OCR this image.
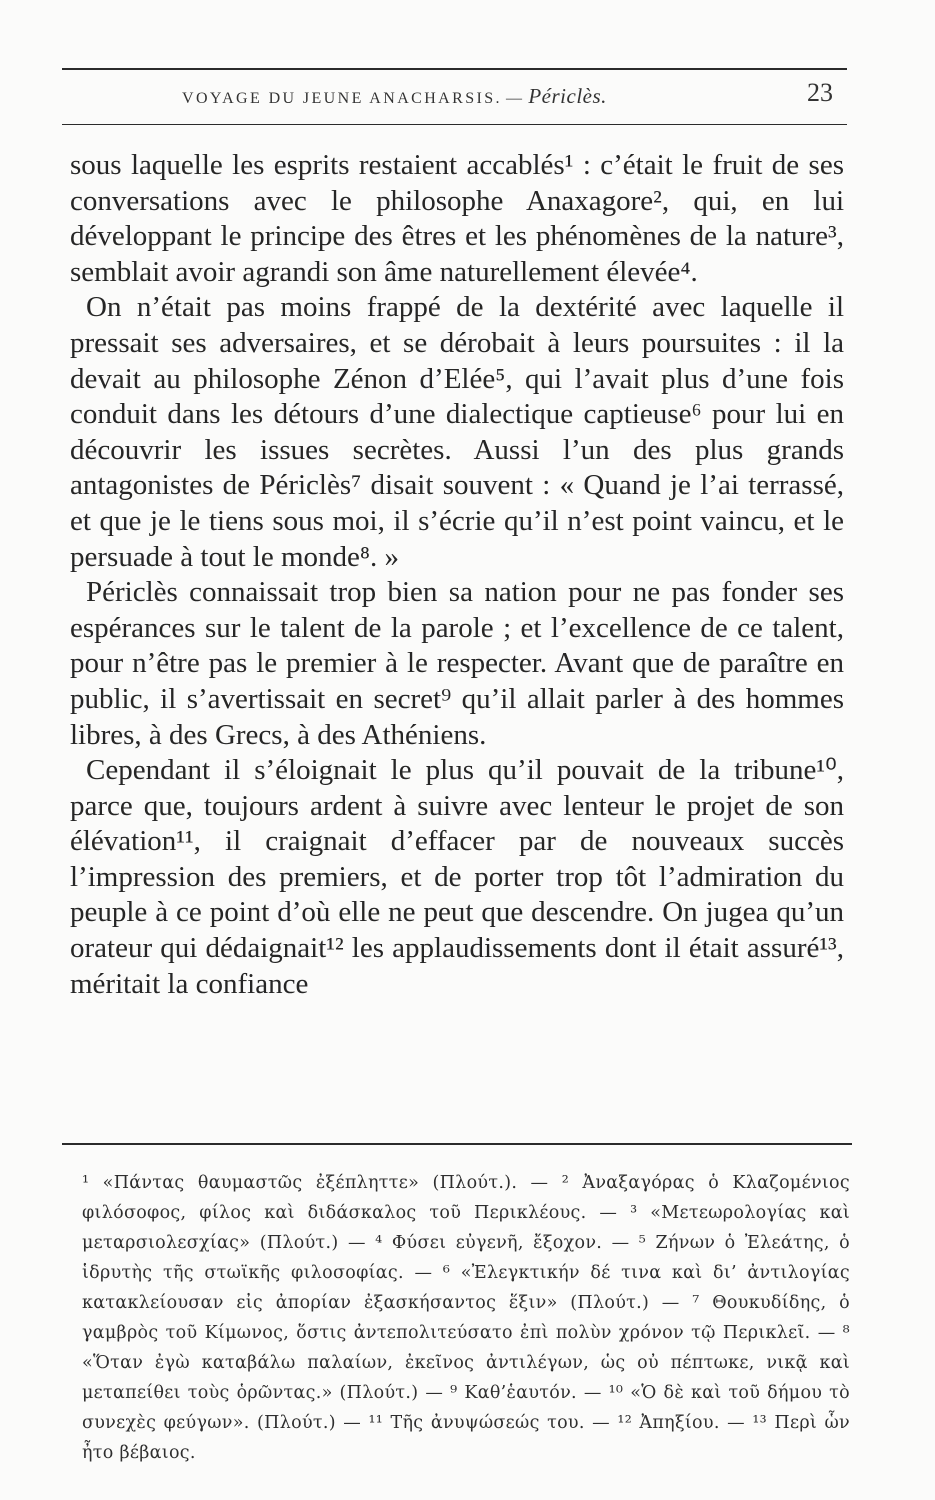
VOYAGE DU JEUNE ANACHARSIS. — Périclès.	23

sous laquelle les esprits restaient accablés¹ : c’était le fruit de ses conversations avec le philosophe Anaxagore², qui, en lui développant le principe des êtres et les phénomènes de la nature³, semblait avoir agrandi son âme naturellement élevée⁴.

On n’était pas moins frappé de la dextérité avec laquelle il pressait ses adversaires, et se dérobait à leurs poursuites : il la devait au philosophe Zénon d’Elée⁵, qui l’avait plus d’une fois conduit dans les détours d’une dialectique captieuse⁶ pour lui en découvrir les issues secrètes. Aussi l’un des plus grands antagonistes de Périclès⁷ disait souvent : « Quand je l’ai terrassé, et que je le tiens sous moi, il s’écrie qu’il n’est point vaincu, et le persuade à tout le monde⁸. »

Périclès connaissait trop bien sa nation pour ne pas fonder ses espérances sur le talent de la parole ; et l’excellence de ce talent, pour n’être pas le premier à le respecter. Avant que de paraître en public, il s’avertissait en secret⁹ qu’il allait parler à des hommes libres, à des Grecs, à des Athéniens.

Cependant il s’éloignait le plus qu’il pouvait de la tribune¹⁰, parce que, toujours ardent à suivre avec lenteur le projet de son élévation¹¹, il craignait d’effacer par de nouveaux succès l’impression des premiers, et de porter trop tôt l’admiration du peuple à ce point d’où elle ne peut que descendre. On jugea qu’un orateur qui dédaignait¹² les applaudissements dont il était assuré¹³, méritait la confiance

¹ «Πάντας θαυμαστῶς ἐξέπληττε» (Πλούτ.). — ² Ἀναξαγόρας ὁ Κλαζομένιος φιλόσοφος, φίλος καὶ διδάσκαλος τοῦ Περικλέους. — ³ «Μετεωρολογίας καὶ μεταρσιολεσχίας» (Πλούτ.) — ⁴ Φύσει εὐγενῆ, ἔξοχον. — ⁵ Ζήνων ὁ Ἐλεάτης, ὁ ἱδρυτὴς τῆς στωϊκῆς φιλοσοφίας. — ⁶ «Ἐλεγκτικήν δέ τινα καὶ δι’ ἀντιλογίας κατακλείουσαν εἰς ἀπορίαν ἐξασκήσαντος ἕξιν» (Πλούτ.) — ⁷ Θουκυδίδης, ὁ γαμβρὸς τοῦ Κίμωνος, ὅστις ἀντεπολιτεύσατο ἐπὶ πολὺν χρόνον τῷ Περικλεῖ. — ⁸ «Ὅταν ἐγὼ καταβάλω παλαίων, ἐκεῖνος ἀντιλέγων, ὡς οὐ πέπτωκε, νικᾷ καὶ μεταπείθει τοὺς ὁρῶντας.» (Πλούτ.) — ⁹ Καθ’ἑαυτόν. — ¹⁰ «Ὁ δὲ καὶ τοῦ δήμου τὸ συνεχὲς φεύγων». (Πλούτ.) — ¹¹ Τῆς ἀνυψώσεώς του. — ¹² Ἀπηξίου. — ¹³ Περὶ ὧν ἦτο βέβαιος.
